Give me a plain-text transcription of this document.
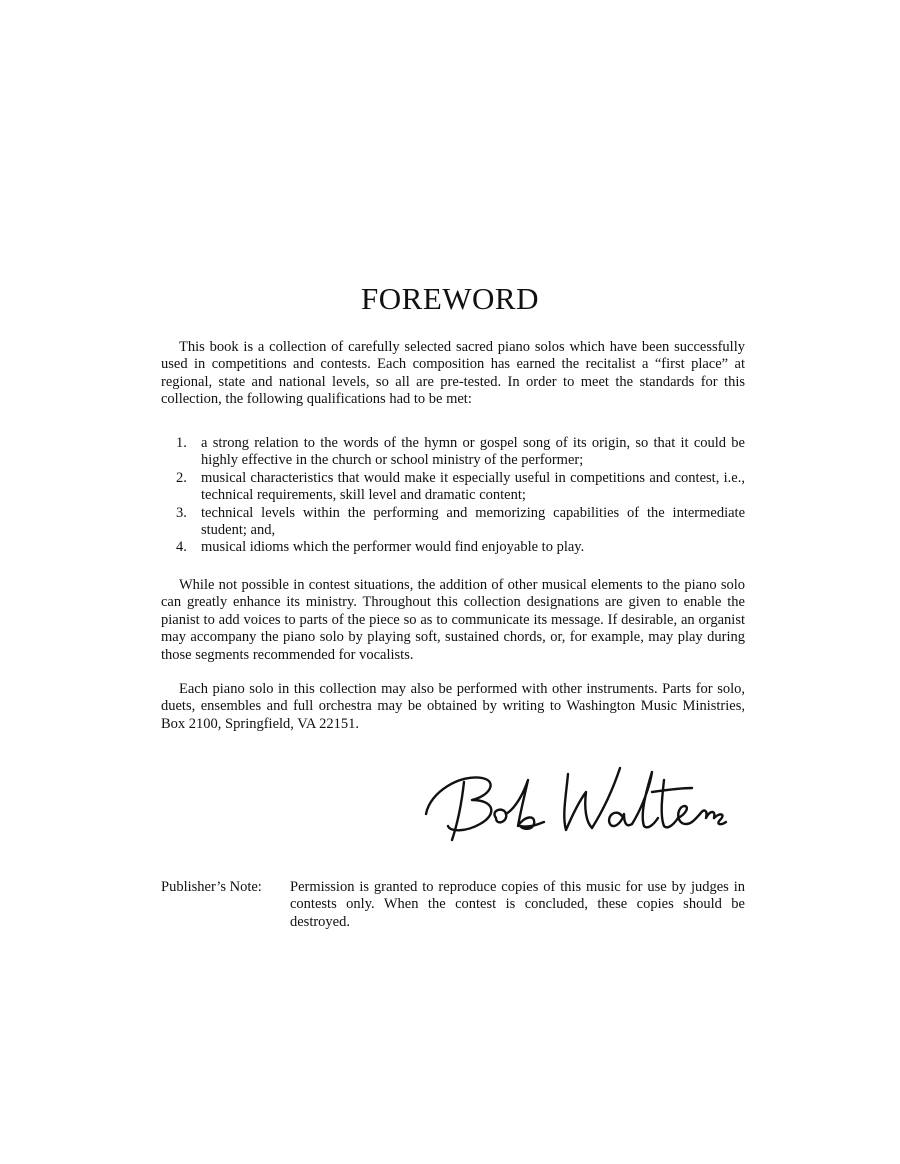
FOREWORD

This book is a collection of carefully selected sacred piano solos which have been successfully used in competitions and contests. Each composition has earned the recitalist a “first place” at regional, state and national levels, so all are pre-tested. In order to meet the standards for this collection, the following qualifications had to be met:

1. a strong relation to the words of the hymn or gospel song of its origin, so that it could be highly effective in the church or school ministry of the performer;
2. musical characteristics that would make it especially useful in competitions and contest, i.e., technical requirements, skill level and dramatic content;
3. technical levels within the performing and memorizing capabilities of the intermediate student; and,
4. musical idioms which the performer would find enjoyable to play.

While not possible in contest situations, the addition of other musical elements to the piano solo can greatly enhance its ministry. Throughout this collection designations are given to enable the pianist to add voices to parts of the piece so as to communicate its message. If desirable, an organist may accompany the piano solo by playing soft, sustained chords, or, for example, may play during those segments recommended for vocalists.

Each piano solo in this collection may also be performed with other instruments. Parts for solo, duets, ensembles and full orchestra may be obtained by writing to Washington Music Ministries, Box 2100, Springfield, VA 22151.

Publisher’s Note: Permission is granted to reproduce copies of this music for use by judges in contests only. When the contest is concluded, these copies should be destroyed.
